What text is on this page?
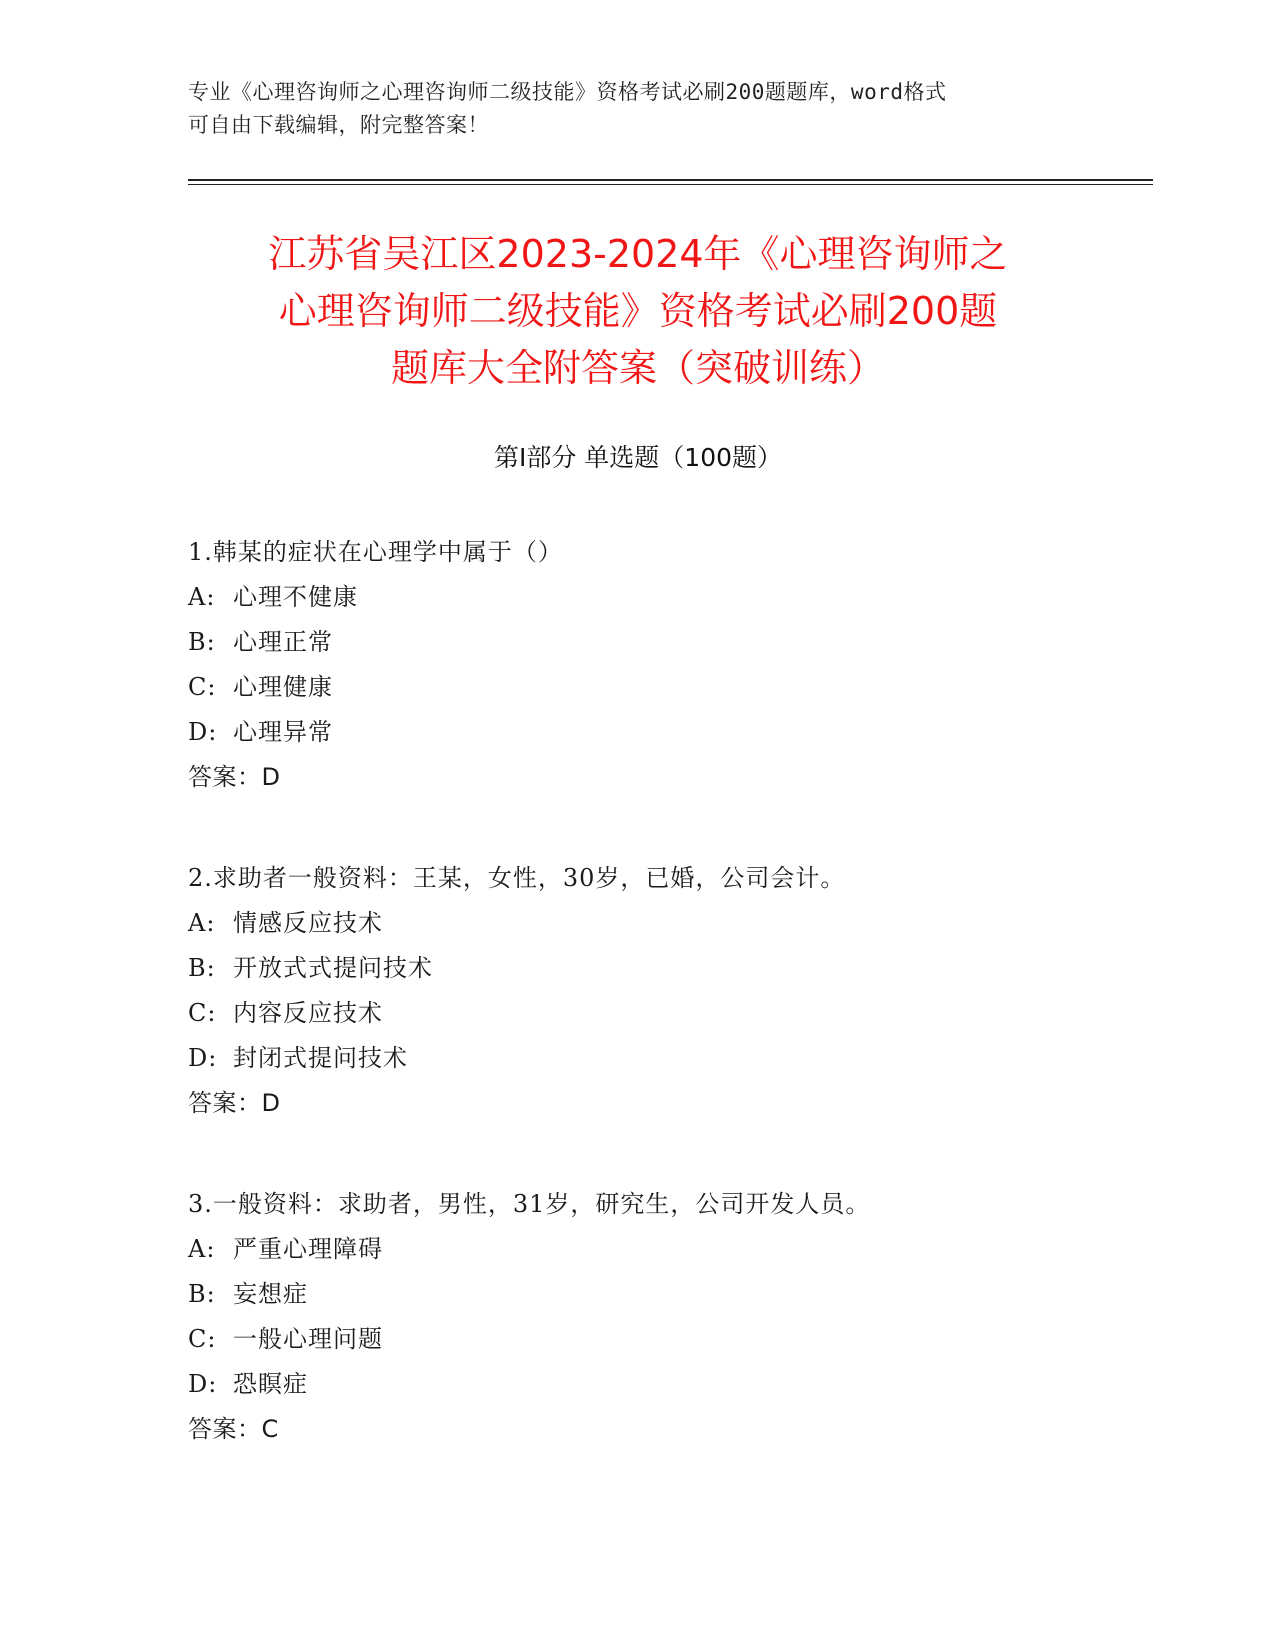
专业《心理咨询师之心理咨询师二级技能》资格考试必刷200题题库，word格式
可自由下载编辑，附完整答案！
江苏省吴江区2023-2024年《心理咨询师之
心理咨询师二级技能》资格考试必刷200题
题库大全附答案（突破训练）
第Ⅰ部分 单选题（100题）
1.韩某的症状在心理学中属于（）
A: 心理不健康
B: 心理正常
C: 心理健康
D: 心理异常
答案：D
2.求助者一般资料：王某，女性，30岁，已婚，公司会计。
A: 情感反应技术
B: 开放式式提问技术
C: 内容反应技术
D: 封闭式提问技术
答案：D
3.一般资料：求助者，男性，31岁，研究生，公司开发人员。
A: 严重心理障碍
B: 妄想症
C: 一般心理问题
D: 恐瞑症
答案：C
